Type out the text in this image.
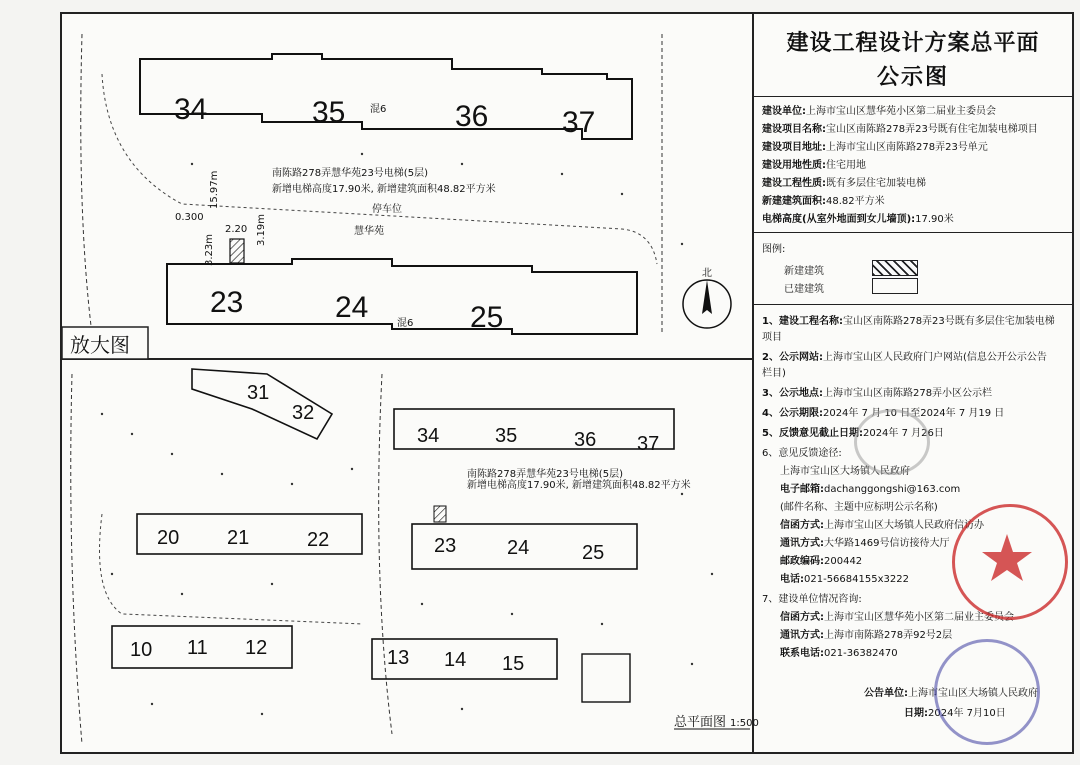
34	35	36 37
混6
23	24	25
混6
南陈路278弄慧华苑23号电梯(5层)
新增电梯高度17.90米, 新增建筑面积48.82平方米
停车位
慧华苑
0.300
2.20
15.97m
3.19m
3.23m
北
放大图
31
32
34	35	36 37
南陈路278弄慧华苑23号电梯(5层)
新增电梯高度17.90米, 新增建筑面积48.82平方米
20 21	22	23	24	25
10 11 12	13 14 15
总平面图 1:500
建设工程设计方案总平面
公示图
建设单位:上海市宝山区慧华苑小区第二届业主委员会
建设项目名称:宝山区南陈路278弄23号既有住宅加装电梯项目
建设项目地址:上海市宝山区南陈路278弄23号单元
建设用地性质:住宅用地
建设工程性质:既有多层住宅加装电梯
新建建筑面积:48.82平方米
电梯高度(从室外地面到女儿墙顶):17.90米
图例:
新建建筑
已建建筑
1、建设工程名称:宝山区南陈路278弄23号既有多层住宅加装电梯
项目
2、公示网站:上海市宝山区人民政府门户网站(信息公开公示公告
栏目)
3、公示地点:上海市宝山区南陈路278弄小区公示栏
4、公示期限:2024年 7 月 10 日至2024年 7 月19 日
5、反馈意见截止日期:2024年 7 月26日
6、意见反馈途径:
上海市宝山区大场镇人民政府
电子邮箱:dachanggongshi@163.com
(邮件名称、主题中应标明公示名称)
信函方式:上海市宝山区大场镇人民政府信访办
通讯方式:大华路1469号信访接待大厅
邮政编码:200442
电话:021-56684155x3222
7、建设单位情况咨询:
信函方式:上海市宝山区慧华苑小区第二届业主委员会
通讯方式:上海市南陈路278弄92号2层
联系电话:021-36382470
公告单位:上海市宝山区大场镇人民政府
日期:2024年 7月10日
